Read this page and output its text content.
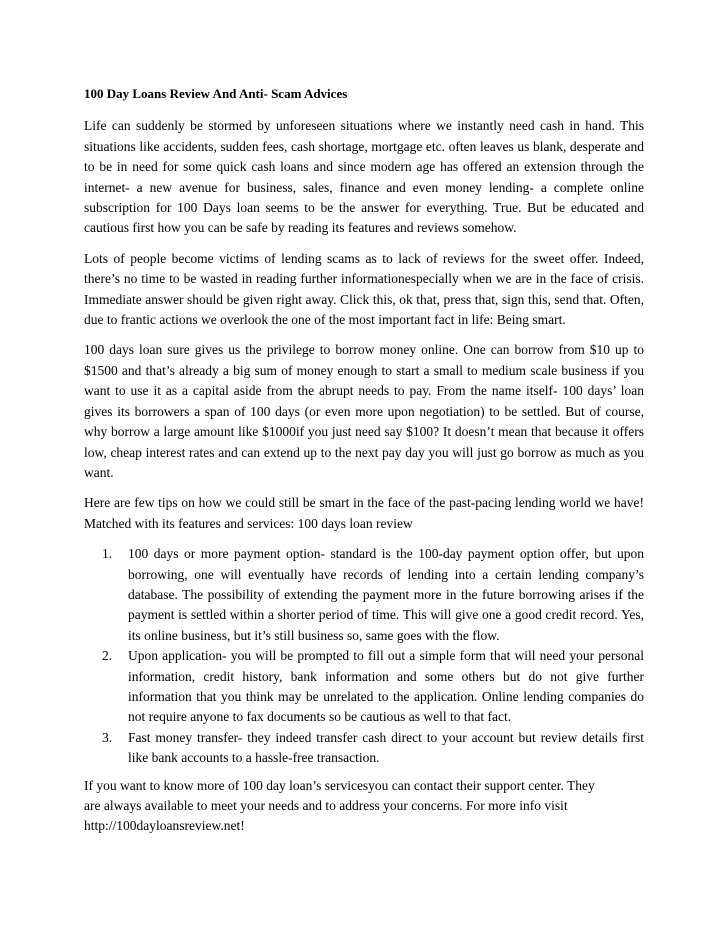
100 Day Loans Review And Anti- Scam Advices

Life can suddenly be stormed by unforeseen situations where we instantly need cash in hand. This situations like accidents, sudden fees, cash shortage, mortgage etc. often leaves us blank, desperate and to be in need for some quick cash loans and since modern age has offered an extension through the internet- a new avenue for business, sales, finance and even money lending- a complete online subscription for 100 Days loan seems to be the answer for everything. True. But be educated and cautious first how you can be safe by reading its features and reviews somehow.

Lots of people become victims of lending scams as to lack of reviews for the sweet offer. Indeed, there’s no time to be wasted in reading further informationespecially when we are in the face of crisis. Immediate answer should be given right away. Click this, ok that, press that, sign this, send that. Often, due to frantic actions we overlook the one of the most important fact in life: Being smart.

100 days loan sure gives us the privilege to borrow money online. One can borrow from $10 up to $1500 and that’s already a big sum of money enough to start a small to medium scale business if you want to use it as a capital aside from the abrupt needs to pay. From the name itself- 100 days’ loan gives its borrowers a span of 100 days (or even more upon negotiation) to be settled. But of course, why borrow a large amount like $1000if you just need say $100? It doesn’t mean that because it offers low, cheap interest rates and can extend up to the next pay day you will just go borrow as much as you want.

Here are few tips on how we could still be smart in the face of the past-pacing lending world we have! Matched with its features and services: 100 days loan review

1. 100 days or more payment option- standard is the 100-day payment option offer, but upon borrowing, one will eventually have records of lending into a certain lending company’s database. The possibility of extending the payment more in the future borrowing arises if the payment is settled within a shorter period of time. This will give one a good credit record. Yes, its online business, but it’s still business so, same goes with the flow.
2. Upon application- you will be prompted to fill out a simple form that will need your personal information, credit history, bank information and some others but do not give further information that you think may be unrelated to the application. Online lending companies do not require anyone to fax documents so be cautious as well to that fact.
3. Fast money transfer- they indeed transfer cash direct to your account but review details first like bank accounts to a hassle-free transaction.

If you want to know more of 100 day loan’s servicesyou can contact their support center. They
are always available to meet your needs and to address your concerns. For more info visit
http://100dayloansreview.net!
